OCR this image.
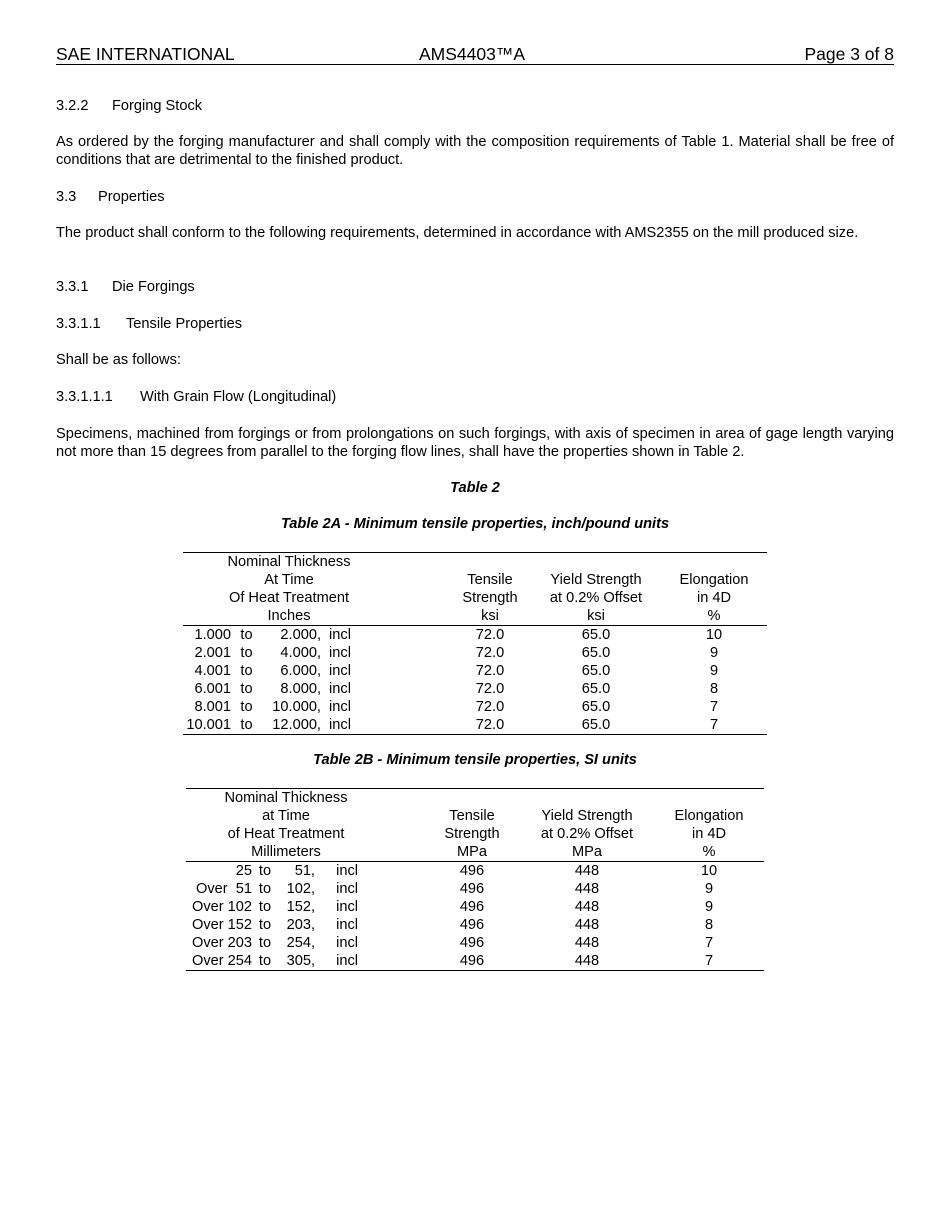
SAE INTERNATIONAL	AMS4403™A	Page 3 of 8
3.2.2 Forging Stock
As ordered by the forging manufacturer and shall comply with the composition requirements of Table 1. Material shall be free of conditions that are detrimental to the finished product.
3.3 Properties
The product shall conform to the following requirements, determined in accordance with AMS2355 on the mill produced size.
3.3.1 Die Forgings
3.3.1.1 Tensile Properties
Shall be as follows:
3.3.1.1.1 With Grain Flow (Longitudinal)
Specimens, machined from forgings or from prolongations on such forgings, with axis of specimen in area of gage length varying not more than 15 degrees from parallel to the forging flow lines, shall have the properties shown in Table 2.
Table 2
Table 2A - Minimum tensile properties, inch/pound units
Nominal Thickness							
At Time					Tensile	Yield Strength	Elongation
Of Heat Treatment					Strength	at 0.2% Offset	in 4D
Inches					ksi	ksi	%
1.000	to	2.000,	incl		72.0	65.0	10
2.001	to	4.000,	incl		72.0	65.0	9
4.001	to	6.000,	incl		72.0	65.0	9
6.001	to	8.000,	incl		72.0	65.0	8
8.001	to	10.000,	incl		72.0	65.0	7
10.001	to	12.000,	incl		72.0	65.0	7
Table 2B - Minimum tensile properties, SI units
Nominal Thickness							
at Time					Tensile	Yield Strength	Elongation
of Heat Treatment					Strength	at 0.2% Offset	in 4D
Millimeters					MPa	MPa	%
25	to	51,	incl		496	448	10
Over  51	to	102,	incl		496	448	9
Over 102	to	152,	incl		496	448	9
Over 152	to	203,	incl		496	448	8
Over 203	to	254,	incl		496	448	7
Over 254	to	305,	incl		496	448	7
